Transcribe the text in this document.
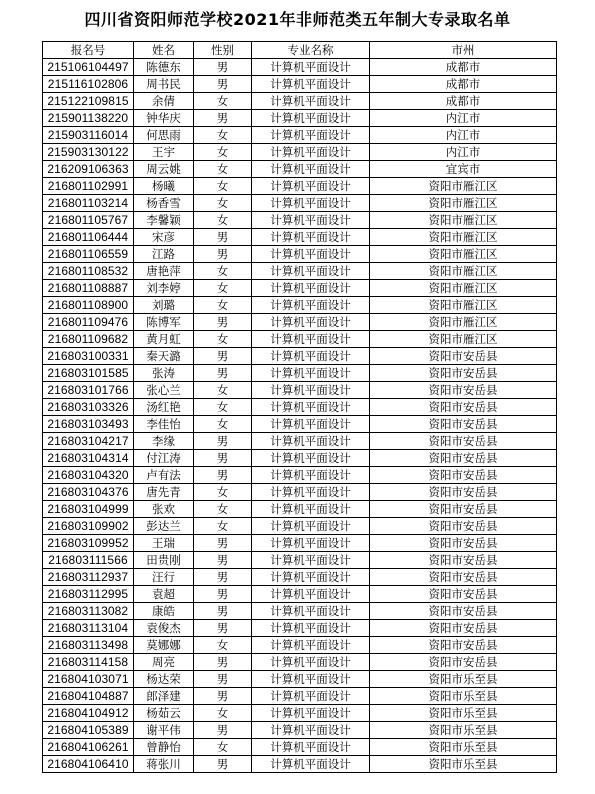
四川省资阳师范学校2021年非师范类五年制大专录取名单
报名号	姓名	性别	专业名称	市州
215106104497	陈德东	男	计算机平面设计	成都市
215116102806	周书民	男	计算机平面设计	成都市
215122109815	余倩	女	计算机平面设计	成都市
215901138220	钟华庆	男	计算机平面设计	内江市
215903116014	何思雨	女	计算机平面设计	内江市
215903130122	王宇	女	计算机平面设计	内江市
216209106363	周云姚	女	计算机平面设计	宜宾市
216801102991	杨曦	女	计算机平面设计	资阳市雁江区
216801103214	杨香雪	女	计算机平面设计	资阳市雁江区
216801105767	李馨颖	女	计算机平面设计	资阳市雁江区
216801106444	宋彦	男	计算机平面设计	资阳市雁江区
216801106559	江路	男	计算机平面设计	资阳市雁江区
216801108532	唐艳萍	女	计算机平面设计	资阳市雁江区
216801108887	刘李婷	女	计算机平面设计	资阳市雁江区
216801108900	刘璐	女	计算机平面设计	资阳市雁江区
216801109476	陈博军	男	计算机平面设计	资阳市雁江区
216801109682	黄月虹	女	计算机平面设计	资阳市雁江区
216803100331	秦天潞	男	计算机平面设计	资阳市安岳县
216803101585	张涛	男	计算机平面设计	资阳市安岳县
216803101766	张心兰	女	计算机平面设计	资阳市安岳县
216803103326	汤红艳	女	计算机平面设计	资阳市安岳县
216803103493	李佳怡	女	计算机平面设计	资阳市安岳县
216803104217	李缘	男	计算机平面设计	资阳市安岳县
216803104314	付江涛	男	计算机平面设计	资阳市安岳县
216803104320	卢有法	男	计算机平面设计	资阳市安岳县
216803104376	唐先青	女	计算机平面设计	资阳市安岳县
216803104999	张欢	女	计算机平面设计	资阳市安岳县
216803109902	彭达兰	女	计算机平面设计	资阳市安岳县
216803109952	王瑞	男	计算机平面设计	资阳市安岳县
216803111566	田贵刚	男	计算机平面设计	资阳市安岳县
216803112937	汪行	男	计算机平面设计	资阳市安岳县
216803112995	袁超	男	计算机平面设计	资阳市安岳县
216803113082	康皓	男	计算机平面设计	资阳市安岳县
216803113104	袁俊杰	男	计算机平面设计	资阳市安岳县
216803113498	莫娜娜	女	计算机平面设计	资阳市安岳县
216803114158	周亮	男	计算机平面设计	资阳市安岳县
216804103071	杨达荣	男	计算机平面设计	资阳市乐至县
216804104887	郎泽建	男	计算机平面设计	资阳市乐至县
216804104912	杨茹云	女	计算机平面设计	资阳市乐至县
216804105389	谢平伟	男	计算机平面设计	资阳市乐至县
216804106261	曾静怡	女	计算机平面设计	资阳市乐至县
216804106410	蒋张川	男	计算机平面设计	资阳市乐至县
